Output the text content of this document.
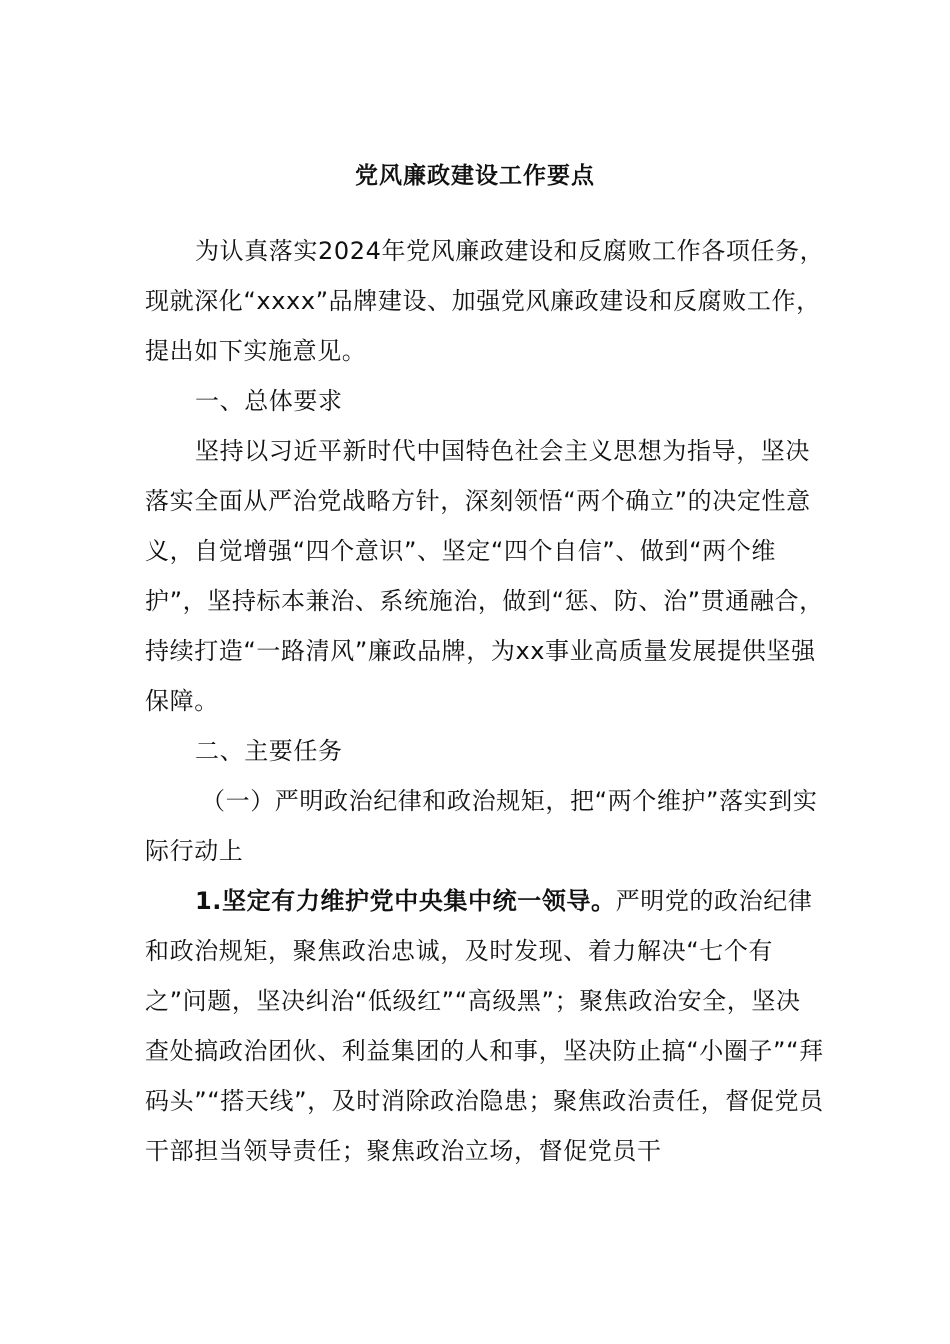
党风廉政建设工作要点

为认真落实2024年党风廉政建设和反腐败工作各项任务，现就深化“xxxx”品牌建设、加强党风廉政建设和反腐败工作，提出如下实施意见。

一、总体要求

坚持以习近平新时代中国特色社会主义思想为指导，坚决落实全面从严治党战略方针，深刻领悟“两个确立”的决定性意义，自觉增强“四个意识”、坚定“四个自信”、做到“两个维护”，坚持标本兼治、系统施治，做到“惩、防、治”贯通融合，持续打造“一路清风”廉政品牌，为xx事业高质量发展提供坚强保障。

二、主要任务

（一）严明政治纪律和政治规矩，把“两个维护”落实到实际行动上

1.坚定有力维护党中央集中统一领导。严明党的政治纪律和政治规矩，聚焦政治忠诚，及时发现、着力解决“七个有之”问题，坚决纠治“低级红”“高级黑”；聚焦政治安全，坚决查处搞政治团伙、利益集团的人和事，坚决防止搞“小圈子”“拜码头”“搭天线”，及时消除政治隐患；聚焦政治责任，督促党员干部担当领导责任；聚焦政治立场，督促党员干
